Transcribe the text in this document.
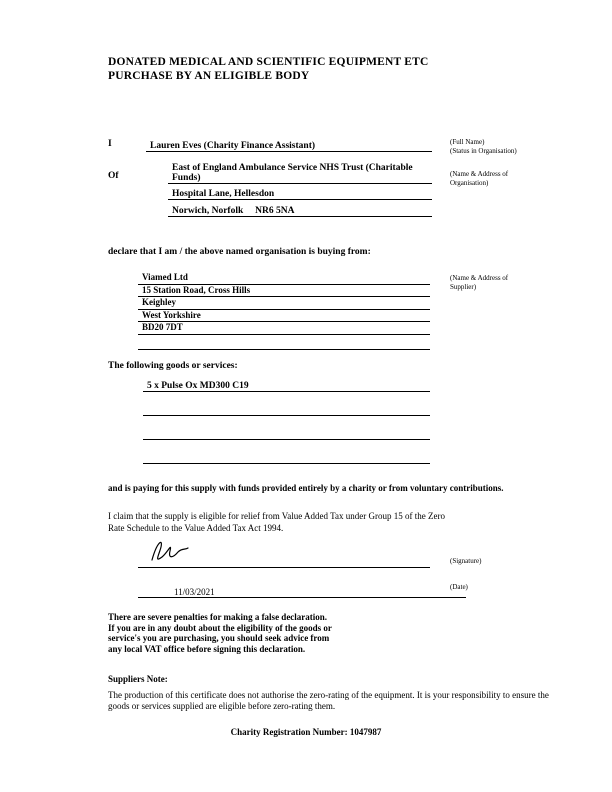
DONATED MEDICAL AND SCIENTIFIC EQUIPMENT ETC
PURCHASE BY AN ELIGIBLE BODY
I	Lauren Eves (Charity Finance Assistant)	(Full Name)
(Status in Organisation)
Of
East of England Ambulance Service NHS Trust (Charitable Funds)	(Name & Address of
Organisation)
Hospital Lane, Hellesdon
Norwich, Norfolk     NR6 5NA
declare that I am / the above named organisation is buying from:
Viamed Ltd
15 Station Road, Cross Hills
Keighley
West Yorkshire
BD20 7DT
(Name & Address of
Supplier)
The following goods or services:
5 x Pulse Ox MD300 C19
and is paying for this supply with funds provided entirely by a charity or from voluntary contributions.
I claim that the supply is eligible for relief from Value Added Tax under Group 15 of the Zero Rate Schedule to the Value Added Tax Act 1994.
(Signature)
11/03/2021	(Date)
There are severe penalties for making a false declaration.
If you are in any doubt about the eligibility of the goods or
service's you are purchasing, you should seek advice from
any local VAT office before signing this declaration.
Suppliers Note:
The production of this certificate does not authorise the zero-rating of the equipment. It is your responsibility to ensure the goods or services supplied are eligible before zero-rating them.
Charity Registration Number: 1047987
